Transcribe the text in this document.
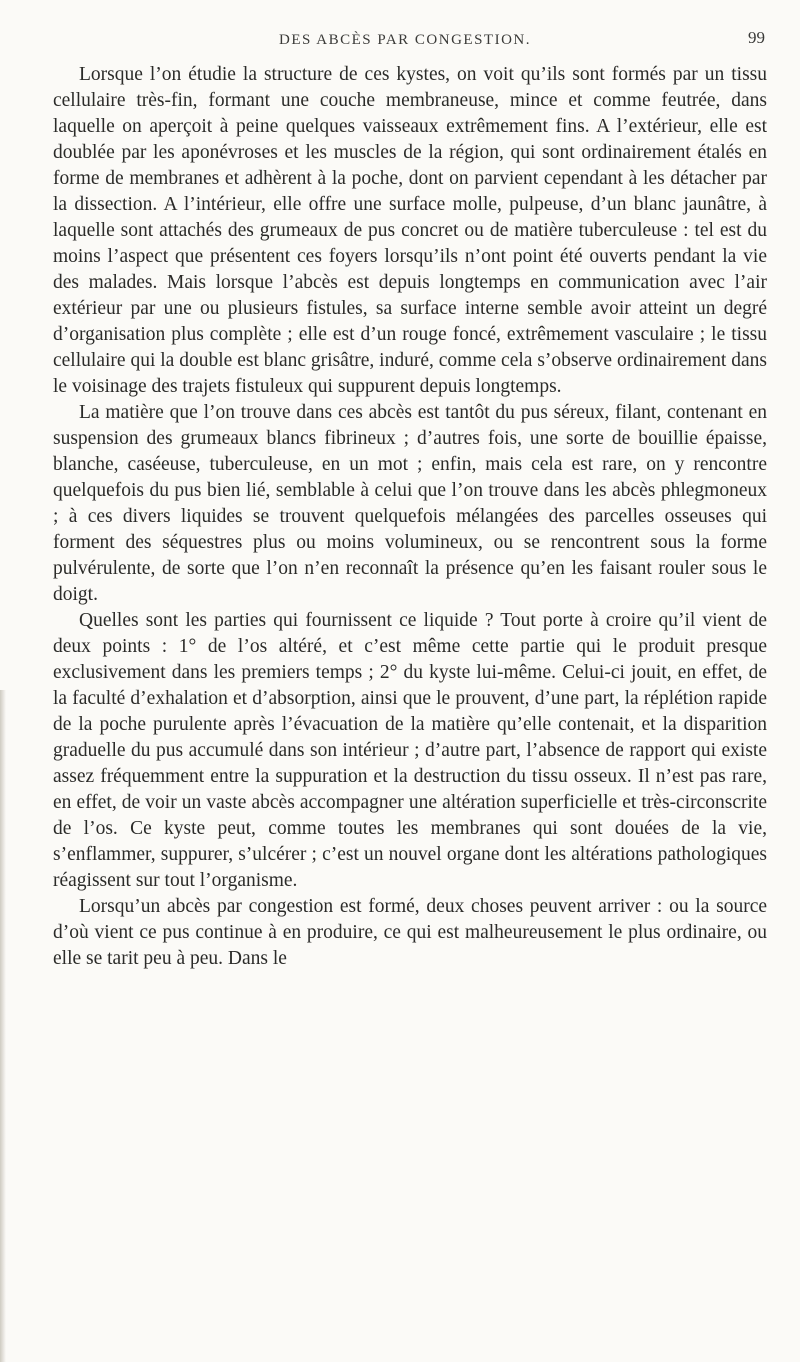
DES ABCÈS PAR CONGESTION.	99

Lorsque l’on étudie la structure de ces kystes, on voit qu’ils sont formés par un tissu cellulaire très-fin, formant une couche membraneuse, mince et comme feutrée, dans laquelle on aperçoit à peine quelques vaisseaux extrêmement fins. A l’extérieur, elle est doublée par les aponévroses et les muscles de la région, qui sont ordinairement étalés en forme de membranes et adhèrent à la poche, dont on parvient cependant à les détacher par la dissection. A l’intérieur, elle offre une surface molle, pulpeuse, d’un blanc jaunâtre, à laquelle sont attachés des grumeaux de pus concret ou de matière tuberculeuse : tel est du moins l’aspect que présentent ces foyers lorsqu’ils n’ont point été ouverts pendant la vie des malades. Mais lorsque l’abcès est depuis longtemps en communication avec l’air extérieur par une ou plusieurs fistules, sa surface interne semble avoir atteint un degré d’organisation plus complète ; elle est d’un rouge foncé, extrêmement vasculaire ; le tissu cellulaire qui la double est blanc grisâtre, induré, comme cela s’observe ordinairement dans le voisinage des trajets fistuleux qui suppurent depuis longtemps.

La matière que l’on trouve dans ces abcès est tantôt du pus séreux, filant, contenant en suspension des grumeaux blancs fibrineux ; d’autres fois, une sorte de bouillie épaisse, blanche, caséeuse, tuberculeuse, en un mot ; enfin, mais cela est rare, on y rencontre quelquefois du pus bien lié, semblable à celui que l’on trouve dans les abcès phlegmoneux ; à ces divers liquides se trouvent quelquefois mélangées des parcelles osseuses qui forment des séquestres plus ou moins volumineux, ou se rencontrent sous la forme pulvérulente, de sorte que l’on n’en reconnaît la présence qu’en les faisant rouler sous le doigt.

Quelles sont les parties qui fournissent ce liquide ? Tout porte à croire qu’il vient de deux points : 1° de l’os altéré, et c’est même cette partie qui le produit presque exclusivement dans les premiers temps ; 2° du kyste lui-même. Celui-ci jouit, en effet, de la faculté d’exhalation et d’absorption, ainsi que le prouvent, d’une part, la réplétion rapide de la poche purulente après l’évacuation de la matière qu’elle contenait, et la disparition graduelle du pus accumulé dans son intérieur ; d’autre part, l’absence de rapport qui existe assez fréquemment entre la suppuration et la destruction du tissu osseux. Il n’est pas rare, en effet, de voir un vaste abcès accompagner une altération superficielle et très-circonscrite de l’os. Ce kyste peut, comme toutes les membranes qui sont douées de la vie, s’enflammer, suppurer, s’ulcérer ; c’est un nouvel organe dont les altérations pathologiques réagissent sur tout l’organisme.

Lorsqu’un abcès par congestion est formé, deux choses peuvent arriver : ou la source d’où vient ce pus continue à en produire, ce qui est malheureusement le plus ordinaire, ou elle se tarit peu à peu. Dans le
